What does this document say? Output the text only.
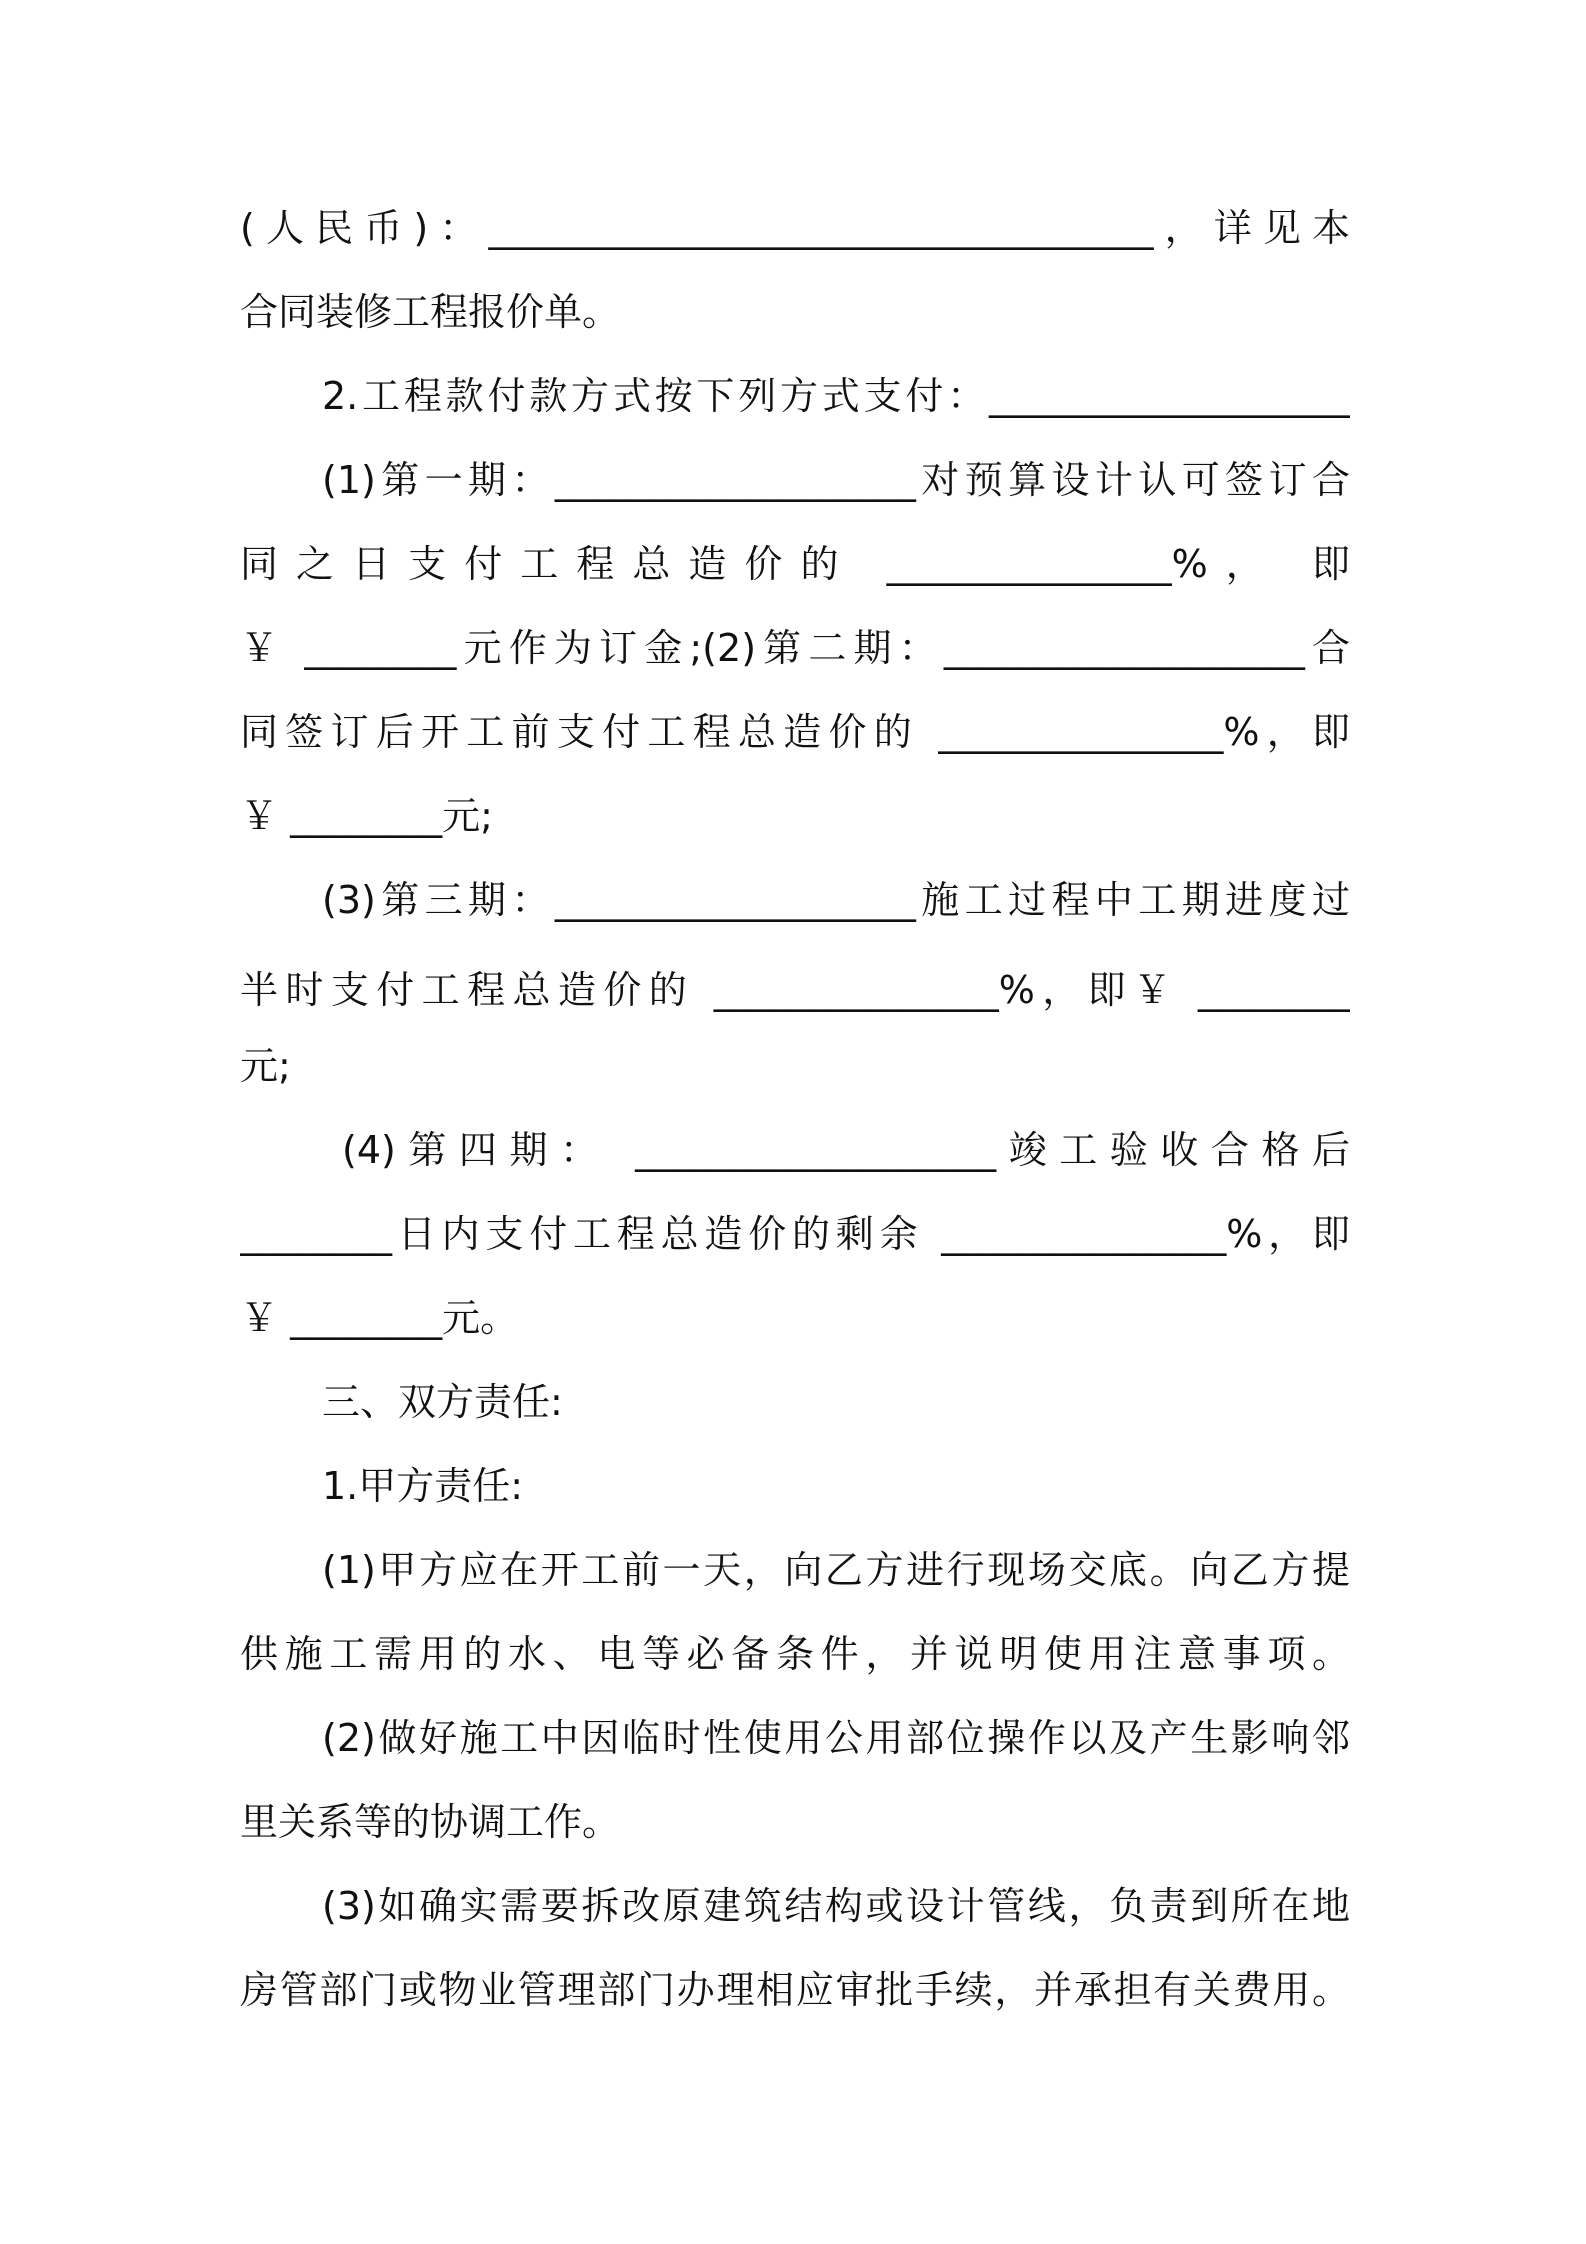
(人民币)：___________________________________，详见本
合同装修工程报价单。
2.工程款付款方式按下列方式支付：___________________
(1)第一期：___________________对预算设计认可签订合
同之日支付工程总造价的 _______________%， 即
￥ ________元作为订金;(2)第二期：___________________合
同签订后开工前支付工程总造价的 _______________%，即
￥ ________元;
(3)第三期：___________________施工过程中工期进度过
半时支付工程总造价的 _______________%，即￥ ________
元;
(4)第四期： ___________________竣工验收合格后
________日内支付工程总造价的剩余 _______________%，即
￥ ________元。
三、双方责任:
1.甲方责任:
(1)甲方应在开工前一天，向乙方进行现场交底。向乙方提
供施工需用的水、电等必备条件，并说明使用注意事项。
(2)做好施工中因临时性使用公用部位操作以及产生影响邻
里关系等的协调工作。
(3)如确实需要拆改原建筑结构或设计管线，负责到所在地
房管部门或物业管理部门办理相应审批手续，并承担有关费用。
